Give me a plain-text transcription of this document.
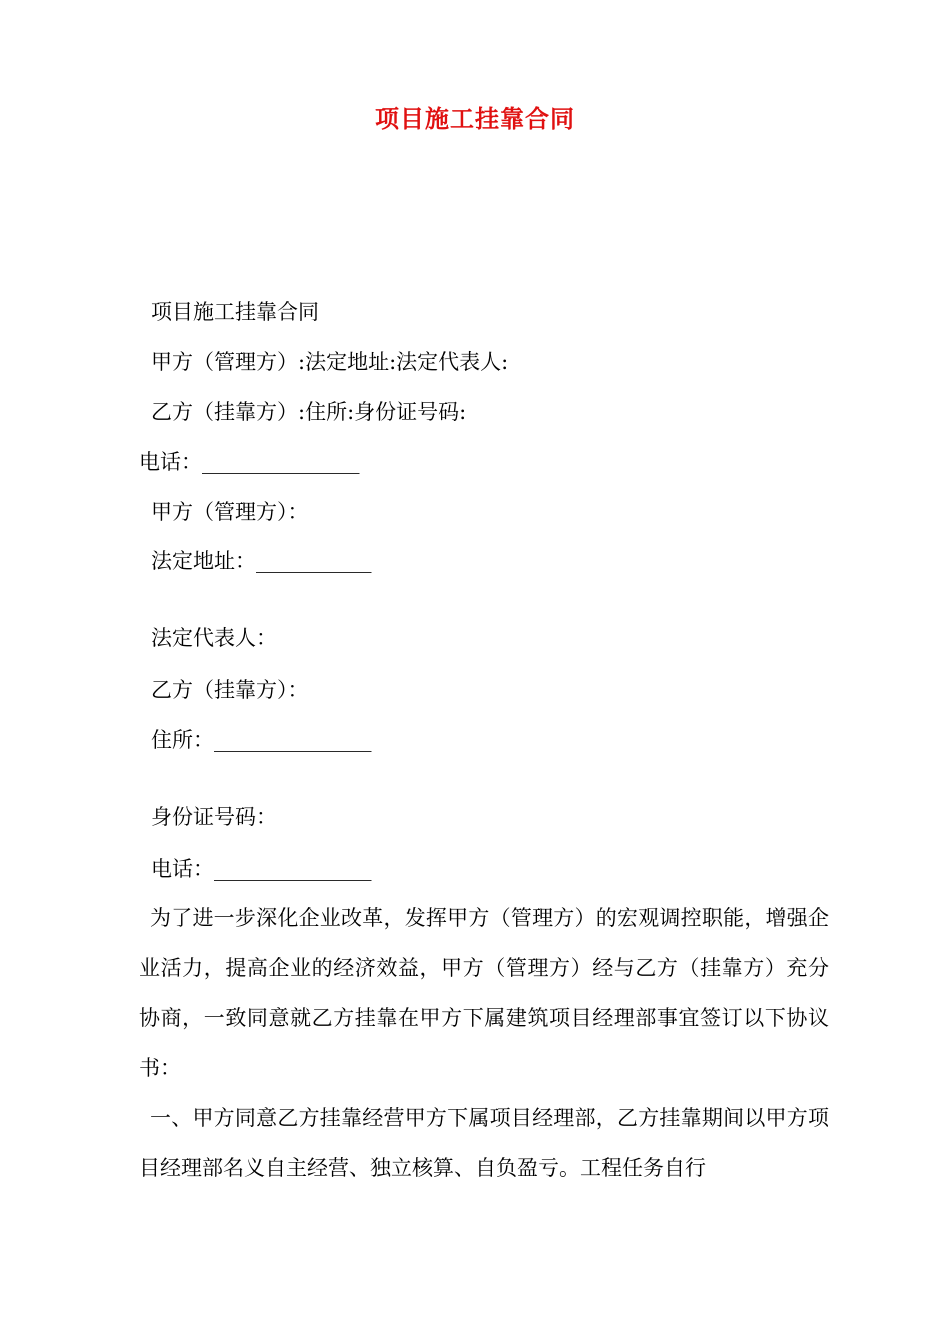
项目施工挂靠合同
项目施工挂靠合同
甲方（管理方）:法定地址:法定代表人:
乙方（挂靠方）:住所:身份证号码:
电话：_______________
甲方（管理方）：
法定地址：___________
法定代表人：
乙方（挂靠方）：
住所：_______________
身份证号码：
电话：_______________
为了进一步深化企业改革，发挥甲方（管理方）的宏观调控职能，增强企业活力，提高企业的经济效益，甲方（管理方）经与乙方（挂靠方）充分协商，一致同意就乙方挂靠在甲方下属建筑项目经理部事宜签订以下协议书：
一、甲方同意乙方挂靠经营甲方下属项目经理部，乙方挂靠期间以甲方项目经理部名义自主经营、独立核算、自负盈亏。工程任务自行
